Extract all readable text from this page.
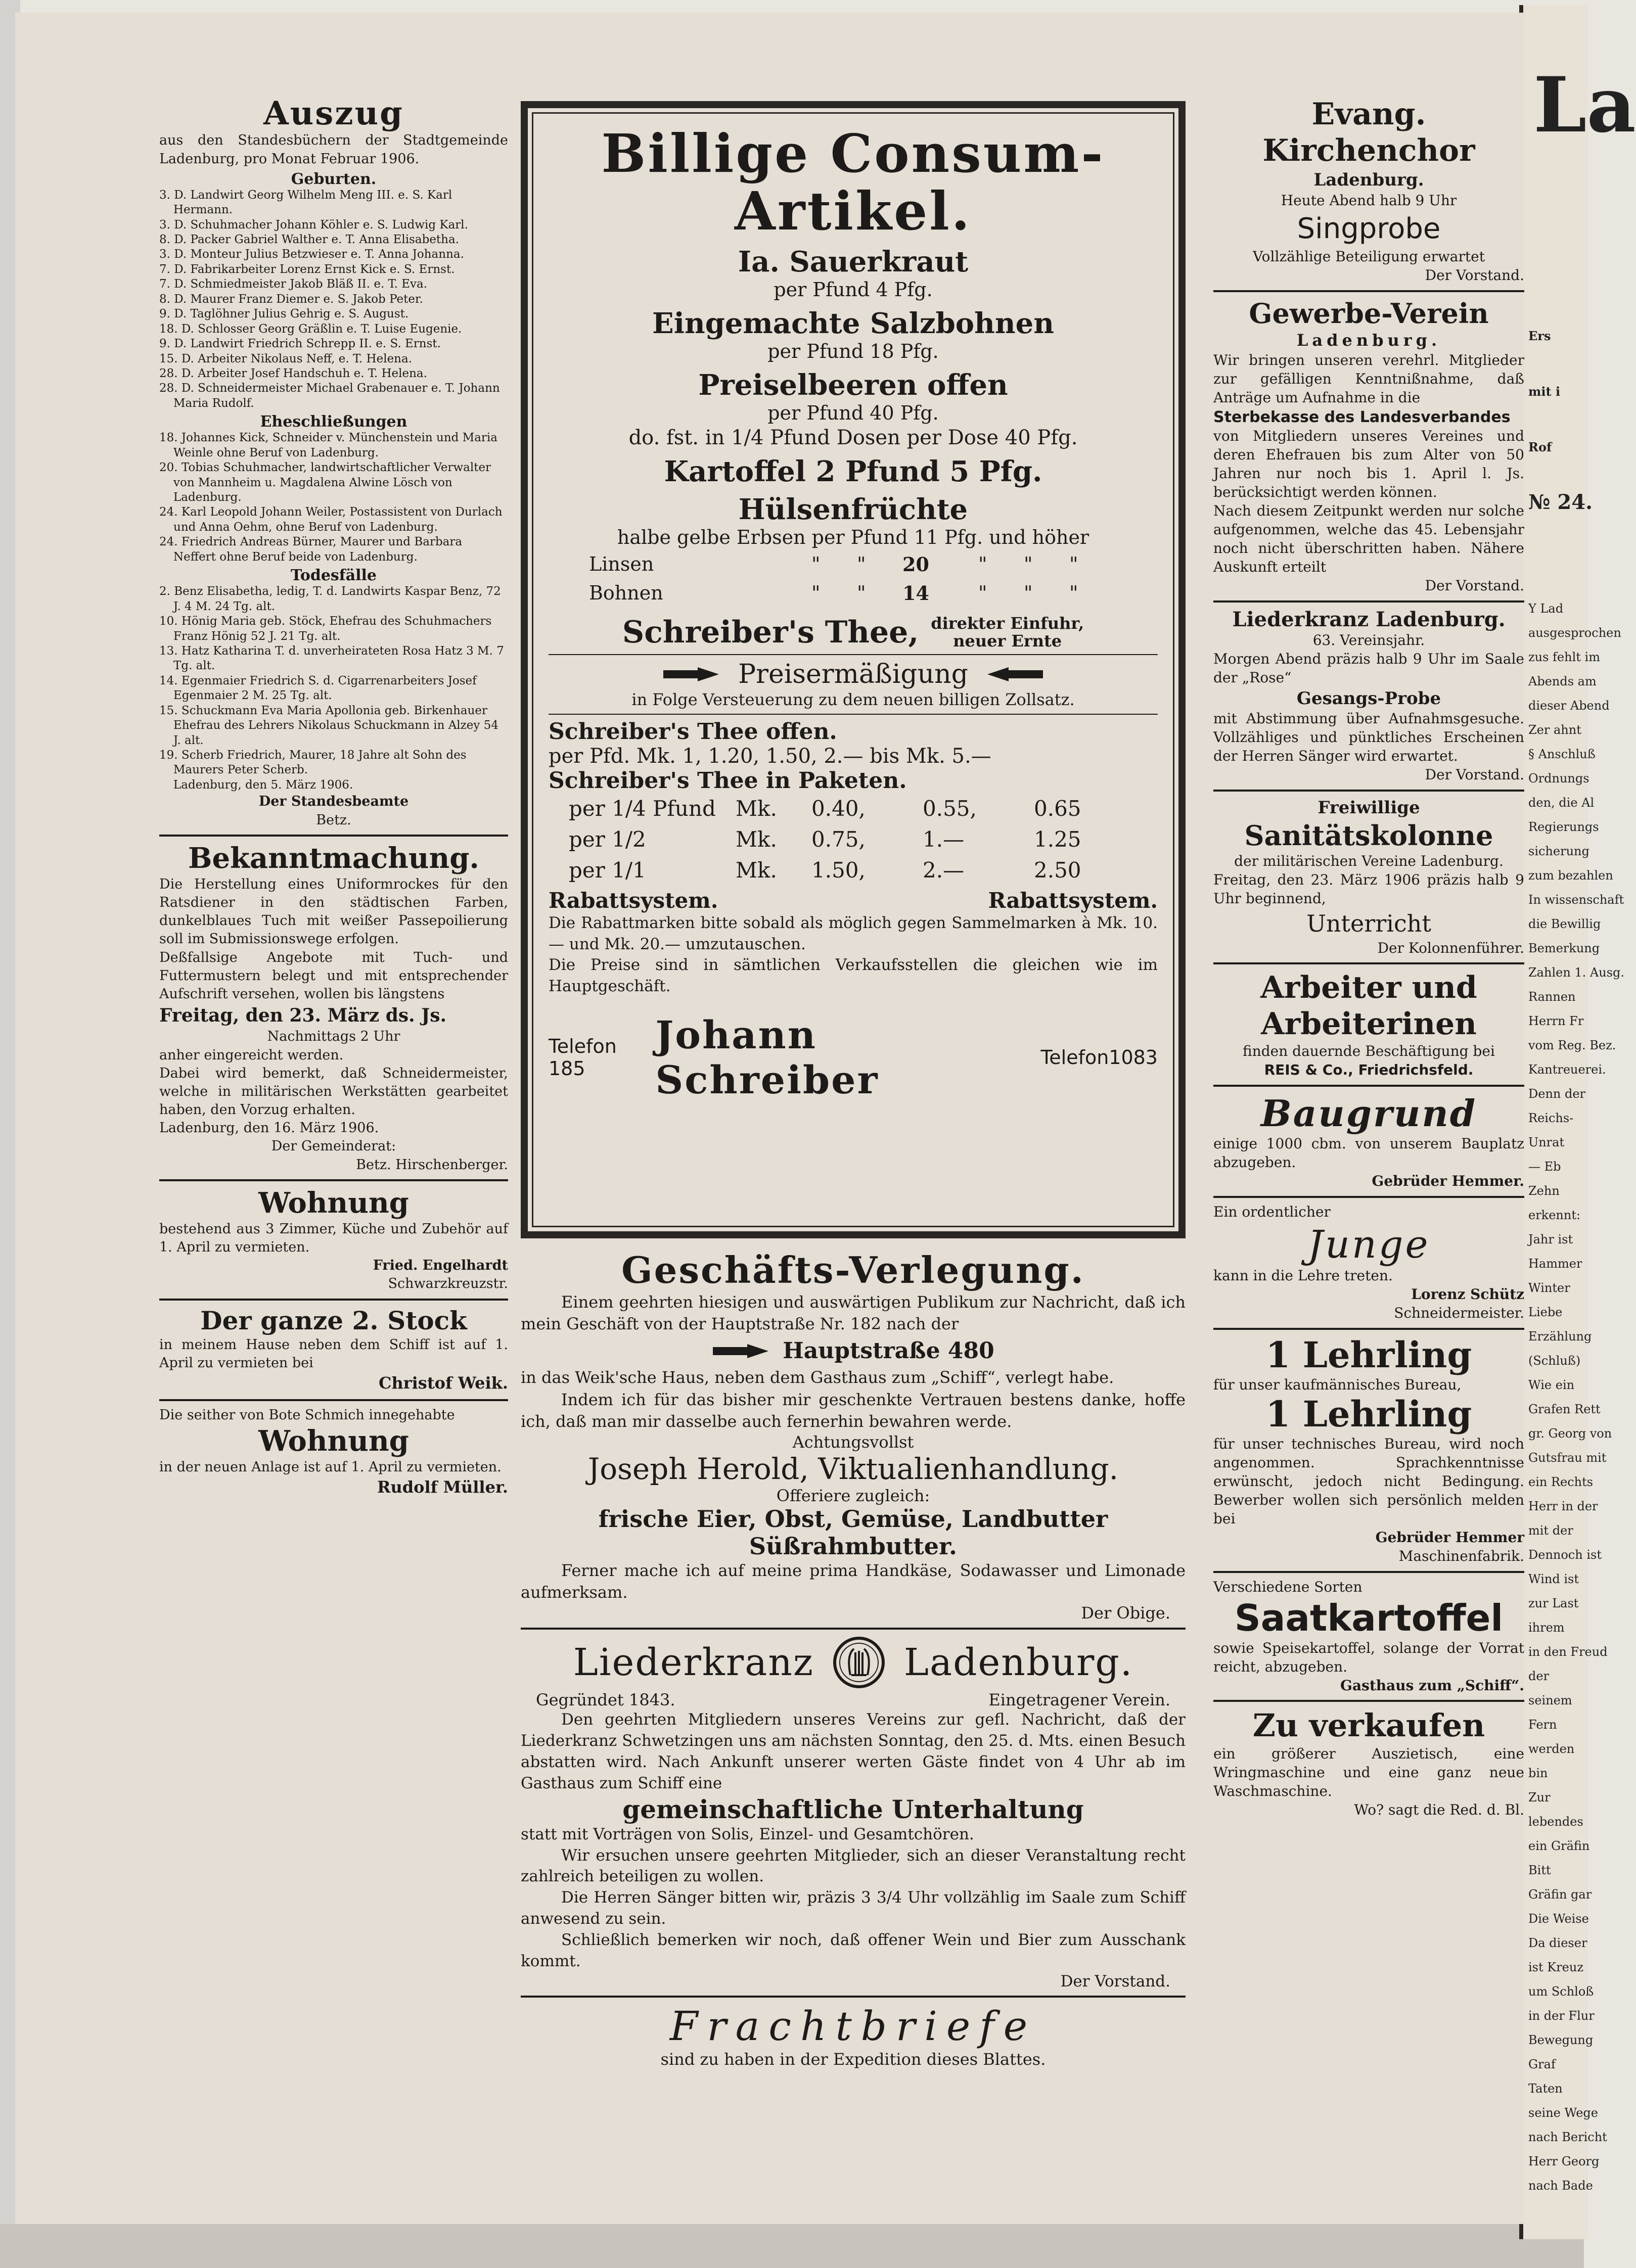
La
Ers
mit i
Rof
№ 24.
Y Lad
ausgesprochen
zus fehlt im
Abends am
dieser Abend
Zer ahnt
§ Anschluß
Ordnungs
den, die Al
Regierungs
sicherung
zum bezahlen
In wissenschaft
die Bewillig
Bemerkung
Zahlen 1. Ausg.
Rannen
Herrn Fr
vom Reg. Bez.
Kantreuerei.
Denn der
Reichs-
Unrat
— Eb
Zehn
erkennt:
Jahr ist
Hammer
Winter
Liebe
Erzählung
(Schluß)
Wie ein
Grafen Rett
gr. Georg von
Gutsfrau mit
ein Rechts
Herr in der
mit der
Dennoch ist
Wind ist
zur Last
ihrem
in den Freud
der
seinem
Fern
werden
bin
Zur
lebendes
ein Gräfin
Bitt
Gräfin gar
Die Weise
Da dieser
ist Kreuz
um Schloß
in der Flur
Bewegung
Graf
Taten
seine Wege
nach Bericht
Herr Georg
nach Bade
Auszug

aus den Standesbüchern der Stadtgemeinde Ladenburg, pro Monat Februar 1906.

Geburten.

3. D. Landwirt Georg Wilhelm Meng III. e. S. Karl Hermann.

3. D. Schuhmacher Johann Köhler e. S. Ludwig Karl.

8. D. Packer Gabriel Walther e. T. Anna Elisabetha.

3. D. Monteur Julius Betzwieser e. T. Anna Johanna.

7. D. Fabrikarbeiter Lorenz Ernst Kick e. S. Ernst.

7. D. Schmiedmeister Jakob Bläß II. e. T. Eva.

8. D. Maurer Franz Diemer e. S. Jakob Peter.

9. D. Taglöhner Julius Gehrig e. S. August.

18. D. Schlosser Georg Gräßlin e. T. Luise Eugenie.

9. D. Landwirt Friedrich Schrepp II. e. S. Ernst.

15. D. Arbeiter Nikolaus Neff, e. T. Helena.

28. D. Arbeiter Josef Handschuh e. T. Helena.

28. D. Schneidermeister Michael Grabenauer e. T. Johann Maria Rudolf.

Eheschließungen

18. Johannes Kick, Schneider v. Münchenstein und Maria Weinle ohne Beruf von Ladenburg.

20. Tobias Schuhmacher, landwirtschaftlicher Verwalter von Mannheim u. Magdalena Alwine Lösch von Ladenburg.

24. Karl Leopold Johann Weiler, Postassistent von Durlach und Anna Oehm, ohne Beruf von Ladenburg.

24. Friedrich Andreas Bürner, Maurer und Barbara Neffert ohne Beruf beide von Ladenburg.

Todesfälle

2. Benz Elisabetha, ledig, T. d. Landwirts Kaspar Benz, 72 J. 4 M. 24 Tg. alt.

10. Hönig Maria geb. Stöck, Ehefrau des Schuhmachers Franz Hönig 52 J. 21 Tg. alt.

13. Hatz Katharina T. d. unverheirateten Rosa Hatz 3 M. 7 Tg. alt.

14. Egenmaier Friedrich S. d. Cigarrenarbeiters Josef Egenmaier 2 M. 25 Tg. alt.

15. Schuckmann Eva Maria Apollonia geb. Birkenhauer Ehefrau des Lehrers Nikolaus Schuckmann in Alzey 54 J. alt.

19. Scherb Friedrich, Maurer, 18 Jahre alt Sohn des Maurers Peter Scherb.

Ladenburg, den 5. März 1906.

Der Standesbeamte

Betz.

Bekanntmachung.

Die Herstellung eines Uniformrockes für den Ratsdiener in den städtischen Farben, dunkelblaues Tuch mit weißer Passepoilierung soll im Submissionswege erfolgen.

Deßfallsige Angebote mit Tuch- und Futtermustern belegt und mit entsprechender Aufschrift versehen, wollen bis längstens

Freitag, den 23. März ds. Js.

Nachmittags 2 Uhr

anher eingereicht werden.

Dabei wird bemerkt, daß Schneidermeister, welche in militärischen Werkstätten gearbeitet haben, den Vorzug erhalten.

Ladenburg, den 16. März 1906.

Der Gemeinderat:

Betz. Hirschenberger.

Wohnung

bestehend aus 3 Zimmer, Küche und Zubehör auf 1. April zu vermieten.

Fried. Engelhardt

Schwarzkreuzstr.

Der ganze 2. Stock

in meinem Hause neben dem Schiff ist auf 1. April zu vermieten bei

Christof Weik.

Die seither von Bote Schmich innegehabte

Wohnung

in der neuen Anlage ist auf 1. April zu vermieten.

Rudolf Müller.

Billige Consum-Artikel.
Ia. Sauerkraut
per Pfund 4 Pfg.
Eingemachte Salzbohnen
per Pfund 18 Pfg.
Preiselbeeren offen
per Pfund 40 Pfg.
do. fst. in 1/4 Pfund Dosen per Dose 40 Pfg.
Kartoffel 2 Pfund 5 Pfg.
Hülsenfrüchte
halbe gelbe Erbsen per Pfund 11 Pfg. und höher
Linsen	"	"	20	"	"	"
Bohnen	"	"	14	"	"	"
Schreiber's Thee, direkter Einfuhr,
neuer Ernte
Preisermäßigung
in Folge Versteuerung zu dem neuen billigen Zollsatz.

Schreiber's Thee offen.

per Pfd. Mk. 1, 1.20, 1.50, 2.— bis Mk. 5.—

Schreiber's Thee in Paketen.

per 1/4 Pfund Mk.	0.40,	0.55,	0.65
per 1/2	Mk.	0.75,	1.—	1.25
per 1/1	Mk.	1.50,	2.—	2.50
Rabattsystem.	Rabattsystem.

Die Rabattmarken bitte sobald als möglich gegen Sammelmarken à Mk. 10.— und Mk. 20.— umzutauschen.

Die Preise sind in sämtlichen Verkaufsstellen die gleichen wie im Hauptgeschäft.

Telefon 185
Johann Schreiber	Telefon1083
Geschäfts-Verlegung.

Einem geehrten hiesigen und auswärtigen Publikum zur Nachricht, daß ich mein Geschäft von der Hauptstraße Nr. 182 nach der

Hauptstraße 480

in das Weik'sche Haus, neben dem Gasthaus zum „Schiff“, verlegt habe.

Indem ich für das bisher mir geschenkte Vertrauen bestens danke, hoffe ich, daß man mir dasselbe auch fernerhin bewahren werde.

Achtungsvollst

Joseph Herold, Viktualienhandlung.

Offeriere zugleich:

frische Eier, Obst, Gemüse, Landbutter

Süßrahmbutter.

Ferner mache ich auf meine prima Handkäse, Sodawasser und Limonade aufmerksam.

Der Obige.

Liederkranz Ladenburg.
Gegründet 1843.	Eingetragener Verein.

Den geehrten Mitgliedern unseres Vereins zur gefl. Nachricht, daß der Liederkranz Schwetzingen uns am nächsten Sonntag, den 25. d. Mts. einen Besuch abstatten wird. Nach Ankunft unserer werten Gäste findet von 4 Uhr ab im Gasthaus zum Schiff eine

gemeinschaftliche Unterhaltung

statt mit Vorträgen von Solis, Einzel- und Gesamtchören.

Wir ersuchen unsere geehrten Mitglieder, sich an dieser Veranstaltung recht zahlreich beteiligen zu wollen.

Die Herren Sänger bitten wir, präzis 3 3/4 Uhr vollzählig im Saale zum Schiff anwesend zu sein.

Schließlich bemerken wir noch, daß offener Wein und Bier zum Ausschank kommt.

Der Vorstand.

Frachtbriefe

sind zu haben in der Expedition dieses Blattes.

Evang. Kirchenchor

Ladenburg.

Heute Abend halb 9 Uhr

Singprobe

Vollzählige Beteiligung erwartet

Der Vorstand.

Gewerbe-Verein

Ladenburg.

Wir bringen unseren verehrl. Mitglieder zur gefälligen Kenntnißnahme, daß Anträge um Aufnahme in die

Sterbekasse des Landesverbandes

von Mitgliedern unseres Vereines und deren Ehefrauen bis zum Alter von 50 Jahren nur noch bis 1. April l. Js. berücksichtigt werden können.

Nach diesem Zeitpunkt werden nur solche aufgenommen, welche das 45. Lebensjahr noch nicht überschritten haben. Nähere Auskunft erteilt

Der Vorstand.

Liederkranz Ladenburg.

63. Vereinsjahr.

Morgen Abend präzis halb 9 Uhr im Saale der „Rose“

Gesangs-Probe

mit Abstimmung über Aufnahmsgesuche. Vollzähliges und pünktliches Erscheinen der Herren Sänger wird erwartet.

Der Vorstand.

Freiwillige

Sanitätskolonne

der militärischen Vereine Ladenburg.

Freitag, den 23. März 1906 präzis halb 9 Uhr beginnend,

Unterricht

Der Kolonnenführer.

Arbeiter und
Arbeiterinen

finden dauernde Beschäftigung bei

REIS & Co., Friedrichsfeld.

Baugrund

einige 1000 cbm. von unserem Bauplatz abzugeben.

Gebrüder Hemmer.

Ein ordentlicher

Junge

kann in die Lehre treten.

Lorenz Schütz

Schneidermeister.

1 Lehrling

für unser kaufmännisches Bureau,

1 Lehrling

für unser technisches Bureau, wird noch angenommen. Sprachkenntnisse erwünscht, jedoch nicht Bedingung. Bewerber wollen sich persönlich melden bei

Gebrüder Hemmer

Maschinenfabrik.

Verschiedene Sorten

Saatkartoffel

sowie Speisekartoffel, solange der Vorrat reicht, abzugeben.

Gasthaus zum „Schiff“.

Zu verkaufen

ein größerer Auszietisch, eine Wringmaschine und eine ganz neue Waschmaschine.

Wo? sagt die Red. d. Bl.
